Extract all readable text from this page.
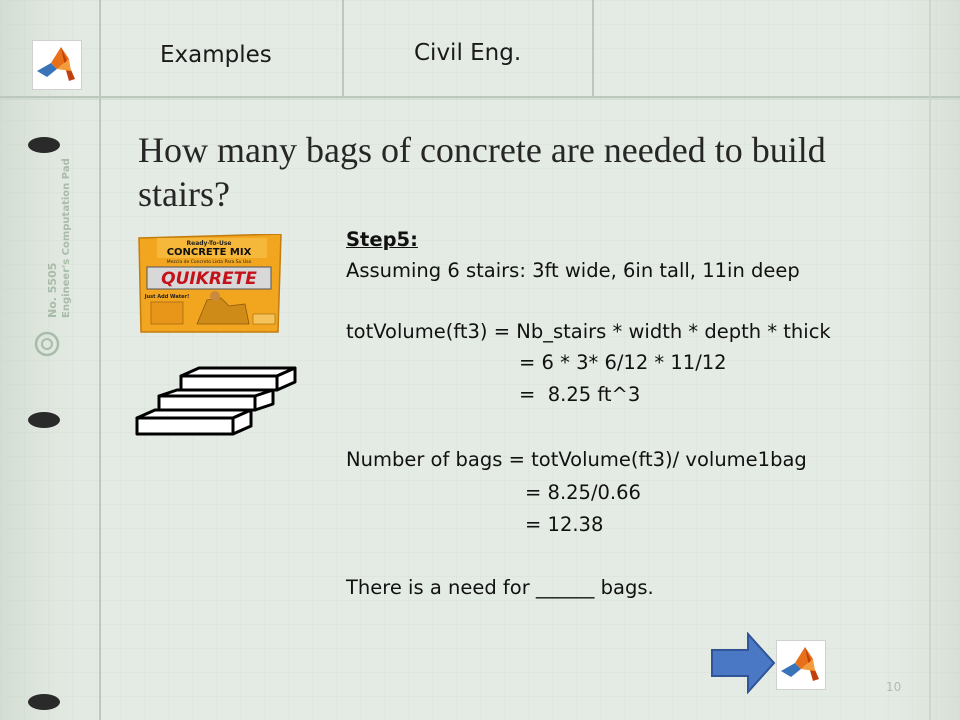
No. 5505 Engineer's Computation Pad
Examples	Civil Eng.
How many bags of concrete are needed to build stairs?
Ready-To-Use
CONCRETE MIX
Mezcla de Concreto Lista Para Su Uso
QUIKRETE
Just Add Water!
Step5:
Assuming 6 stairs: 3ft wide, 6in tall, 11in deep
totVolume(ft3) = Nb_stairs * width * depth * thick
= 6 * 3* 6/12 * 11/12
=  8.25 ft^3
Number of bags = totVolume(ft3)/ volume1bag
= 8.25/0.66
= 12.38
There is a need for ______ bags.
10
